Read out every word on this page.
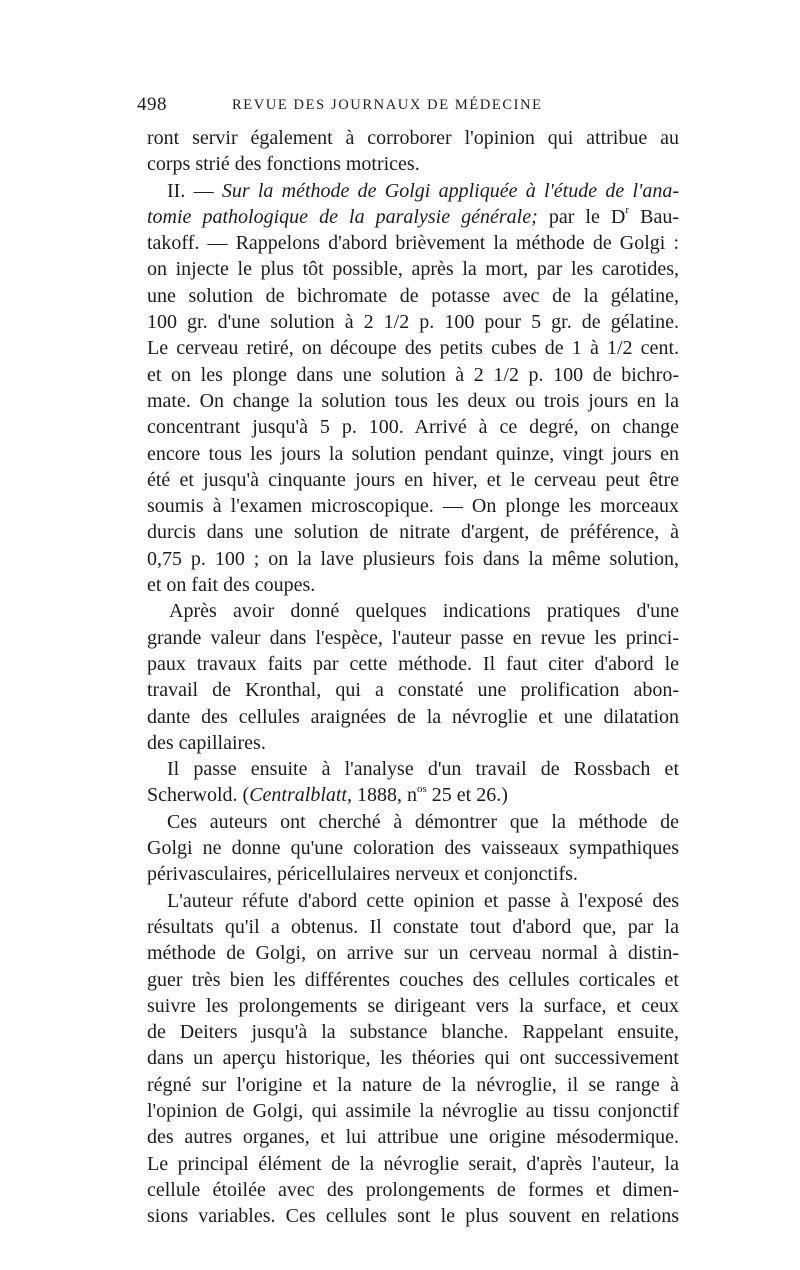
498	REVUE DES JOURNAUX DE MÉDECINE
ront servir également à corroborer l'opinion qui attribue au
corps strié des fonctions motrices.
II. — Sur la méthode de Golgi appliquée à l'étude de l'ana-
tomie pathologique de la paralysie générale; par le $D^r$ Bau-
takoff. — Rappelons d'abord brièvement la méthode de Golgi :
on injecte le plus tôt possible, après la mort, par les carotides,
une solution de bichromate de potasse avec de la gélatine,
100 gr. d'une solution à 2 1/2 p. 100 pour 5 gr. de gélatine.
Le cerveau retiré, on découpe des petits cubes de 1 à 1/2 cent.
et on les plonge dans une solution à 2 1/2 p. 100 de bichro-
mate. On change la solution tous les deux ou trois jours en la
concentrant jusqu'à 5 p. 100. Arrivé à ce degré, on change
encore tous les jours la solution pendant quinze, vingt jours en
été et jusqu'à cinquante jours en hiver, et le cerveau peut être
soumis à l'examen microscopique. — On plonge les morceaux
durcis dans une solution de nitrate d'argent, de préférence, à
0,75 p. 100 ; on la lave plusieurs fois dans la même solution,
et on fait des coupes.
Après avoir donné quelques indications pratiques d'une
grande valeur dans l'espèce, l'auteur passe en revue les princi-
paux travaux faits par cette méthode. Il faut citer d'abord le
travail de Kronthal, qui a constaté une prolification abon-
dante des cellules araignées de la névroglie et une dilatation
des capillaires.
Il passe ensuite à l'analyse d'un travail de Rossbach et
Scherwold. (Centralblatt, 1888, $n^{os}$ 25 et 26.)
Ces auteurs ont cherché à démontrer que la méthode de
Golgi ne donne qu'une coloration des vaisseaux sympathiques
périvasculaires, péricellulaires nerveux et conjonctifs.
L'auteur réfute d'abord cette opinion et passe à l'exposé des
résultats qu'il a obtenus. Il constate tout d'abord que, par la
méthode de Golgi, on arrive sur un cerveau normal à distin-
guer très bien les différentes couches des cellules corticales et
suivre les prolongements se dirigeant vers la surface, et ceux
de Deiters jusqu'à la substance blanche. Rappelant ensuite,
dans un aperçu historique, les théories qui ont successivement
régné sur l'origine et la nature de la névroglie, il se range à
l'opinion de Golgi, qui assimile la névroglie au tissu conjonctif
des autres organes, et lui attribue une origine mésodermique.
Le principal élément de la névroglie serait, d'après l'auteur, la
cellule étoilée avec des prolongements de formes et dimen-
sions variables. Ces cellules sont le plus souvent en relations
